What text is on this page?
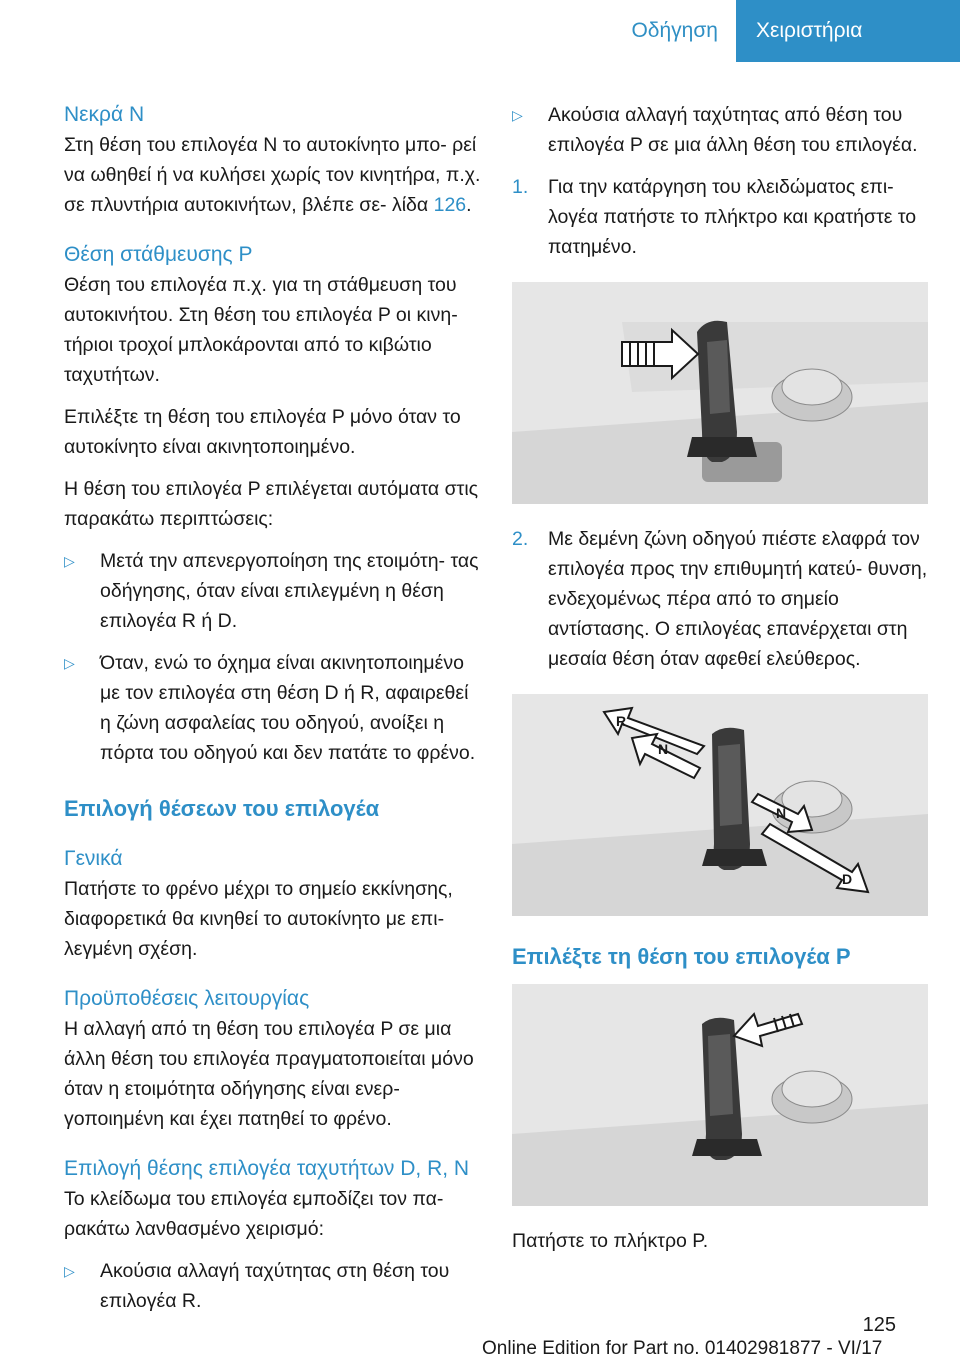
Οδήγηση	Χειριστήρια
Νεκρά N

Στη θέση του επιλογέα N το αυτοκίνητο μπο‐ ρεί να ωθηθεί ή να κυλήσει χωρίς τον κινητήρα, π.χ. σε πλυντήρια αυτοκινήτων, βλέπε σε‐ λίδα 126.

Θέση στάθμευσης P

Θέση του επιλογέα π.χ. για τη στάθμευση του αυτοκινήτου. Στη θέση του επιλογέα P οι κινη‐ τήριοι τροχοί μπλοκάρονται από το κιβώτιο ταχυτήτων.

Επιλέξτε τη θέση του επιλογέα P μόνο όταν το αυτοκίνητο είναι ακινητοποιημένο.

Η θέση του επιλογέα P επιλέγεται αυτόματα στις παρακάτω περιπτώσεις:

▷	Μετά την απενεργοποίηση της ετοιμότη‐ τας οδήγησης, όταν είναι επιλεγμένη η θέση επιλογέα R ή D.
▷	Όταν, ενώ το όχημα είναι ακινητοποιημένο με τον επιλογέα στη θέση D ή R, αφαιρεθεί η ζώνη ασφαλείας του οδηγού, ανοίξει η πόρτα του οδηγού και δεν πατάτε το φρένο.
Επιλογή θέσεων του επιλογέα
Γενικά

Πατήστε το φρένο μέχρι το σημείο εκκίνησης, διαφορετικά θα κινηθεί το αυτοκίνητο με επι‐ λεγμένη σχέση.

Προϋποθέσεις λειτουργίας

Η αλλαγή από τη θέση του επιλογέα P σε μια άλλη θέση του επιλογέα πραγματοποιείται μόνο όταν η ετοιμότητα οδήγησης είναι ενερ‐ γοποιημένη και έχει πατηθεί το φρένο.

Επιλογή θέσης επιλογέα ταχυτήτων D, R, N

Το κλείδωμα του επιλογέα εμποδίζει τον πα‐ ρακάτω λανθασμένο χειρισμό:

▷	Ακούσια αλλαγή ταχύτητας στη θέση του επιλογέα R.
▷	Ακούσια αλλαγή ταχύτητας από θέση του επιλογέα P σε μια άλλη θέση του επιλογέα.
1.	Για την κατάργηση του κλειδώματος επι‐ λογέα πατήστε το πλήκτρο και κρατήστε το πατημένο.
2.	Με δεμένη ζώνη οδηγού πιέστε ελαφρά τον επιλογέα προς την επιθυμητή κατεύ‐ θυνση, ενδεχομένως πέρα από το σημείο αντίστασης. Ο επιλογέας επανέρχεται στη μεσαία θέση όταν αφεθεί ελεύθερος.
R
N
N
D
Επιλέξτε τη θέση του επιλογέα P

Πατήστε το πλήκτρο P.

125
Online Edition for Part no. 01402981877 - VI/17
